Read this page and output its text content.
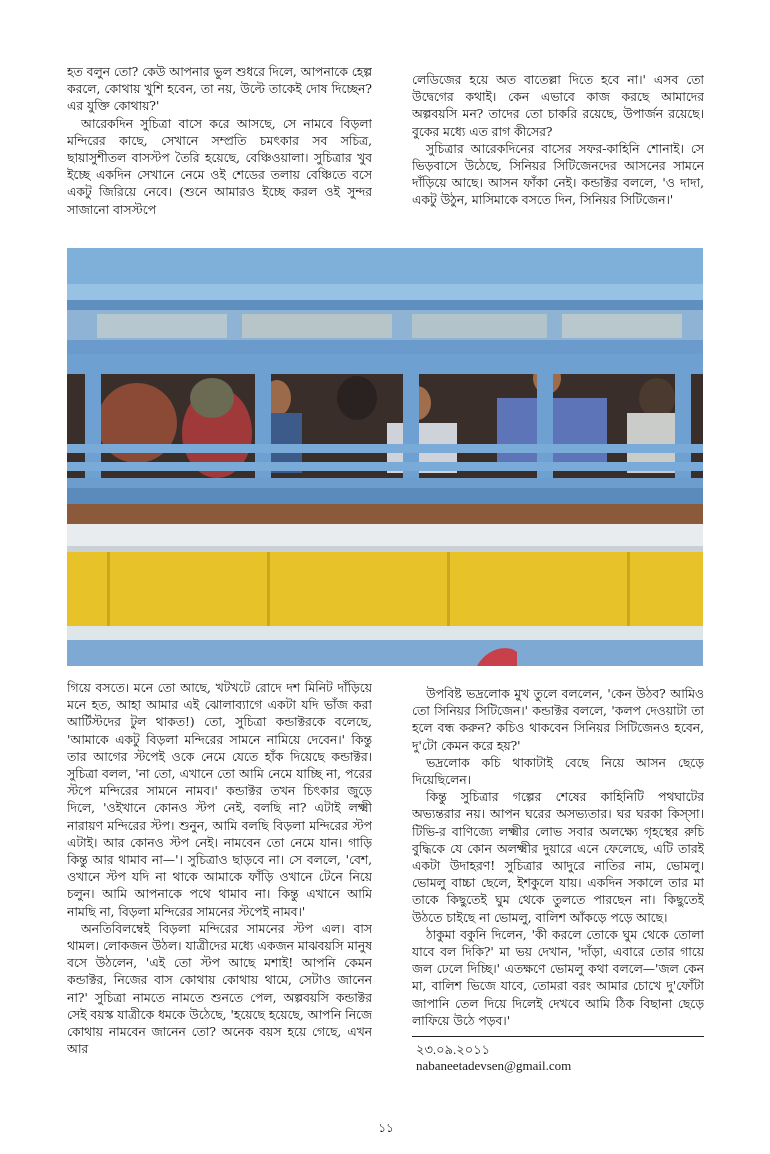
হত বলুন তো? কেউ আপনার ভুল শুধরে দিলে, আপনাকে হেল্প করলে, কোথায় খুশি হবেন, তা নয়, উল্টে তাকেই দোষ দিচ্ছেন? এর যুক্তি কোথায়?'

আরেকদিন সুচিত্রা বাসে করে আসছে, সে নামবে বিড়লা মন্দিরের কাছে, সেখানে সম্প্রতি চমৎকার সব সচিত্র, ছায়াসুশীতল বাসস্টপ তৈরি হয়েছে, বেঞ্চিওয়ালা। সুচিত্রার খুব ইচ্ছে একদিন সেখানে নেমে ওই শেডের তলায় বেঞ্চিতে বসে একটু জিরিয়ে নেবে। (শুনে আমারও ইচ্ছে করল ওই সুন্দর সাজানো বাসস্টপে

লেডিজের হয়ে অত বাতেল্লা দিতে হবে না।' এসব তো উদ্বেগের কথাই। কেন এভাবে কাজ করছে আমাদের অল্পবয়সি মন? তাদের তো চাকরি রয়েছে, উপার্জন রয়েছে। বুকের মধ্যে এত রাগ কীসের?

সুচিত্রার আরেকদিনের বাসের সফর-কাহিনি শোনাই। সে ভিড়বাসে উঠেছে, সিনিয়র সিটিজেনদের আসনের সামনে দাঁড়িয়ে আছে। আসন ফাঁকা নেই। কন্ডাক্টর বললে, 'ও দাদা, একটু উঠুন, মাসিমাকে বসতে দিন, সিনিয়র সিটিজেন।'

গিয়ে বসতে। মনে তো আছে, খটখটে রোদে দশ মিনিট দাঁড়িয়ে মনে হত, আহা আমার এই ঝোলাব্যাগে একটা যদি ভাঁজ করা আর্টিস্টদের টুল থাকত!) তো, সুচিত্রা কন্ডাক্টরকে বলেছে, 'আমাকে একটু বিড়লা মন্দিরের সামনে নামিয়ে দেবেন।' কিন্তু তার আগের স্টপেই ওকে নেমে যেতে হাঁক দিয়েছে কন্ডাক্টর। সুচিত্রা বলল, 'না তো, এখানে তো আমি নেমে যাচ্ছি না, পরের স্টপে মন্দিরের সামনে নামব।' কন্ডাক্টর তখন চিৎকার জুড়ে দিলে, 'ওইখানে কোনও স্টপ নেই, বলছি না? এটাই লক্ষ্মী নারায়ণ মন্দিরের স্টপ। শুনুন, আমি বলছি বিড়লা মন্দিরের স্টপ এটাই। আর কোনও স্টপ নেই। নামবেন তো নেমে যান। গাড়ি কিন্তু আর থামাব না—'। সুচিত্রাও ছাড়বে না। সে বললে, 'বেশ, ওখানে স্টপ যদি না থাকে আমাকে ফাঁড়ি ওখানে টেনে নিয়ে চলুন। আমি আপনাকে পথে থামাব না। কিন্তু এখানে আমি নামছি না, বিড়লা মন্দিরের সামনের স্টপেই নামব।'

অনতিবিলম্বেই বিড়লা মন্দিরের সামনের স্টপ এল। বাস থামল। লোকজন উঠল। যাত্রীদের মধ্যে একজন মাঝবয়সি মানুষ বসে উঠলেন, 'এই তো স্টপ আছে মশাই! আপনি কেমন কন্ডাক্টর, নিজের বাস কোথায় কোথায় থামে, সেটাও জানেন না?' সুচিত্রা নামতে নামতে শুনতে পেল, অল্পবয়সি কন্ডাক্টর সেই বয়স্ক যাত্রীকে ধমকে উঠেছে, 'হয়েছে হয়েছে, আপনি নিজে কোথায় নামবেন জানেন তো? অনেক বয়স হয়ে গেছে, এখন আর

উপবিষ্ট ভদ্রলোক মুখ তুলে বললেন, 'কেন উঠব? আমিও তো সিনিয়র সিটিজেন।' কন্ডাক্টর বললে, 'কলপ দেওয়াটা তা হলে বন্ধ করুন? কচিও থাকবেন সিনিয়র সিটিজেনও হবেন, দু'টো কেমন করে হয়?'

ভদ্রলোক কচি থাকাটাই বেছে নিয়ে আসন ছেড়ে দিয়েছিলেন।

কিন্তু সুচিত্রার গল্পের শেষের কাহিনিটি পথঘাটের অভ্যন্তরার নয়। আপন ঘরের অসভ্যতার। ঘর ঘরকা কিস্সা। টিভি-র বাণিজ্যে লক্ষ্মীর লোভ সবার অলক্ষ্যে গৃহস্থের রুচি বুদ্ধিকে যে কোন অলক্ষ্মীর দুয়ারে এনে ফেলেছে, এটি তারই একটা উদাহরণ! সুচিত্রার আদুরে নাতির নাম, ভোমলু। ভোমলু বাচ্চা ছেলে, ইশকুলে যায়। একদিন সকালে তার মা তাকে কিছুতেই ঘুম থেকে তুলতে পারছেন না। কিছুতেই উঠতে চাইছে না ভোমলু, বালিশ আঁকড়ে পড়ে আছে।

ঠাকুমা বকুনি দিলেন, 'কী করলে তোকে ঘুম থেকে তোলা যাবে বল দিকি?' মা ভয় দেখান, 'দাঁড়া, এবারে তোর গায়ে জল ঢেলে দিচ্ছি।' এতক্ষণে ভোমলু কথা বললে—'জল কেন মা, বালিশ ভিজে যাবে, তোমরা বরং আমার চোখে দু'ফোঁটা জাপানি তেল দিয়ে দিলেই দেখবে আমি ঠিক বিছানা ছেড়ে লাফিয়ে উঠে পড়ব।'

২৩.০৯.২০১১
nabaneetadevsen@gmail.com
১১
